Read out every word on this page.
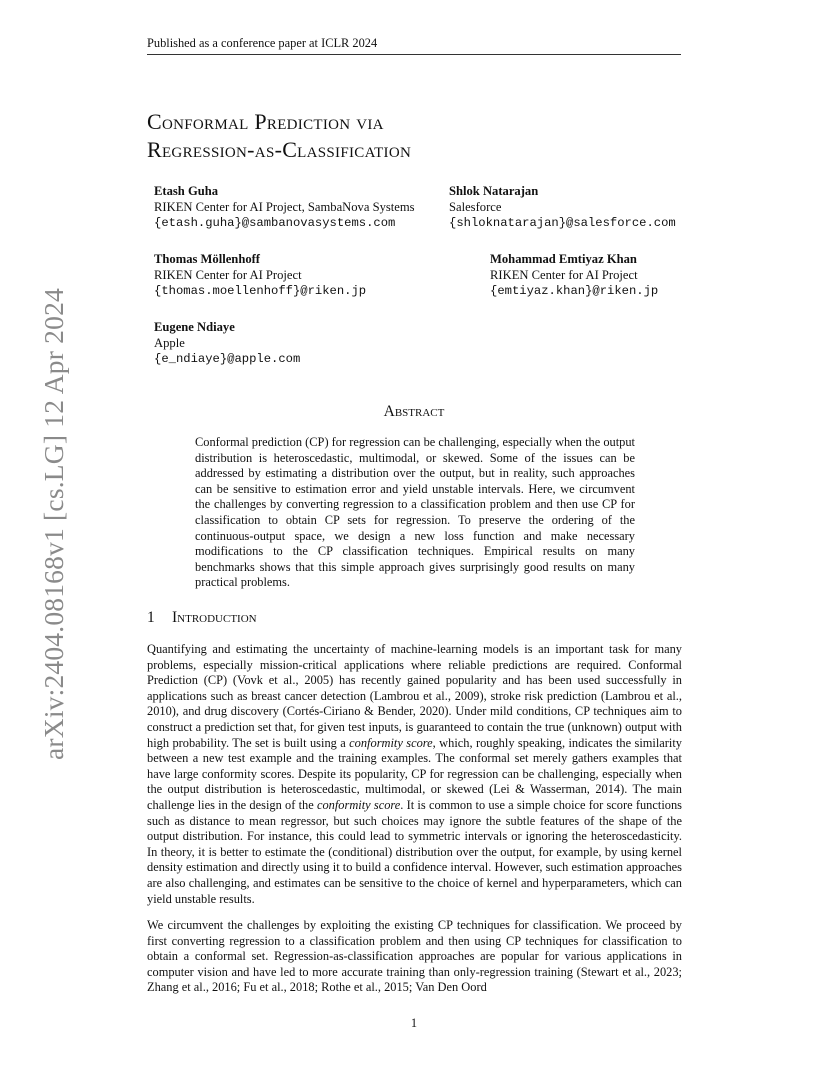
Published as a conference paper at ICLR 2024
arXiv:2404.08168v1 [cs.LG] 12 Apr 2024
Conformal Prediction via
Regression-as-Classification
Etash Guha
RIKEN Center for AI Project, SambaNova Systems
{etash.guha}@sambanovasystems.com
Shlok Natarajan
Salesforce
{shloknatarajan}@salesforce.com
Thomas Möllenhoff
RIKEN Center for AI Project
{thomas.moellenhoff}@riken.jp
Mohammad Emtiyaz Khan
RIKEN Center for AI Project
{emtiyaz.khan}@riken.jp
Eugene Ndiaye
Apple
{e_ndiaye}@apple.com
Abstract
Conformal prediction (CP) for regression can be challenging, especially when the output distribution is heteroscedastic, multimodal, or skewed. Some of the issues can be addressed by estimating a distribution over the output, but in reality, such approaches can be sensitive to estimation error and yield unstable intervals. Here, we circumvent the challenges by converting regression to a classification problem and then use CP for classification to obtain CP sets for regression. To preserve the ordering of the continuous-output space, we design a new loss function and make necessary modifications to the CP classification techniques. Empirical results on many benchmarks shows that this simple approach gives surprisingly good results on many practical problems.
1 Introduction
Quantifying and estimating the uncertainty of machine-learning models is an important task for many problems, especially mission-critical applications where reliable predictions are required. Conformal Prediction (CP) (Vovk et al., 2005) has recently gained popularity and has been used successfully in applications such as breast cancer detection (Lambrou et al., 2009), stroke risk prediction (Lambrou et al., 2010), and drug discovery (Cortés-Ciriano & Bender, 2020). Under mild conditions, CP techniques aim to construct a prediction set that, for given test inputs, is guaranteed to contain the true (unknown) output with high probability. The set is built using a conformity score, which, roughly speaking, indicates the similarity between a new test example and the training examples. The conformal set merely gathers examples that have large conformity scores. Despite its popularity, CP for regression can be challenging, especially when the output distribution is heteroscedastic, multimodal, or skewed (Lei & Wasserman, 2014). The main challenge lies in the design of the conformity score. It is common to use a simple choice for score functions such as distance to mean regressor, but such choices may ignore the subtle features of the shape of the output distribution. For instance, this could lead to symmetric intervals or ignoring the heteroscedasticity. In theory, it is better to estimate the (conditional) distribution over the output, for example, by using kernel density estimation and directly using it to build a confidence interval. However, such estimation approaches are also challenging, and estimates can be sensitive to the choice of kernel and hyperparameters, which can yield unstable results.
We circumvent the challenges by exploiting the existing CP techniques for classification. We proceed by first converting regression to a classification problem and then using CP techniques for classification to obtain a conformal set. Regression-as-classification approaches are popular for various applications in computer vision and have led to more accurate training than only-regression training (Stewart et al., 2023; Zhang et al., 2016; Fu et al., 2018; Rothe et al., 2015; Van Den Oord
1
